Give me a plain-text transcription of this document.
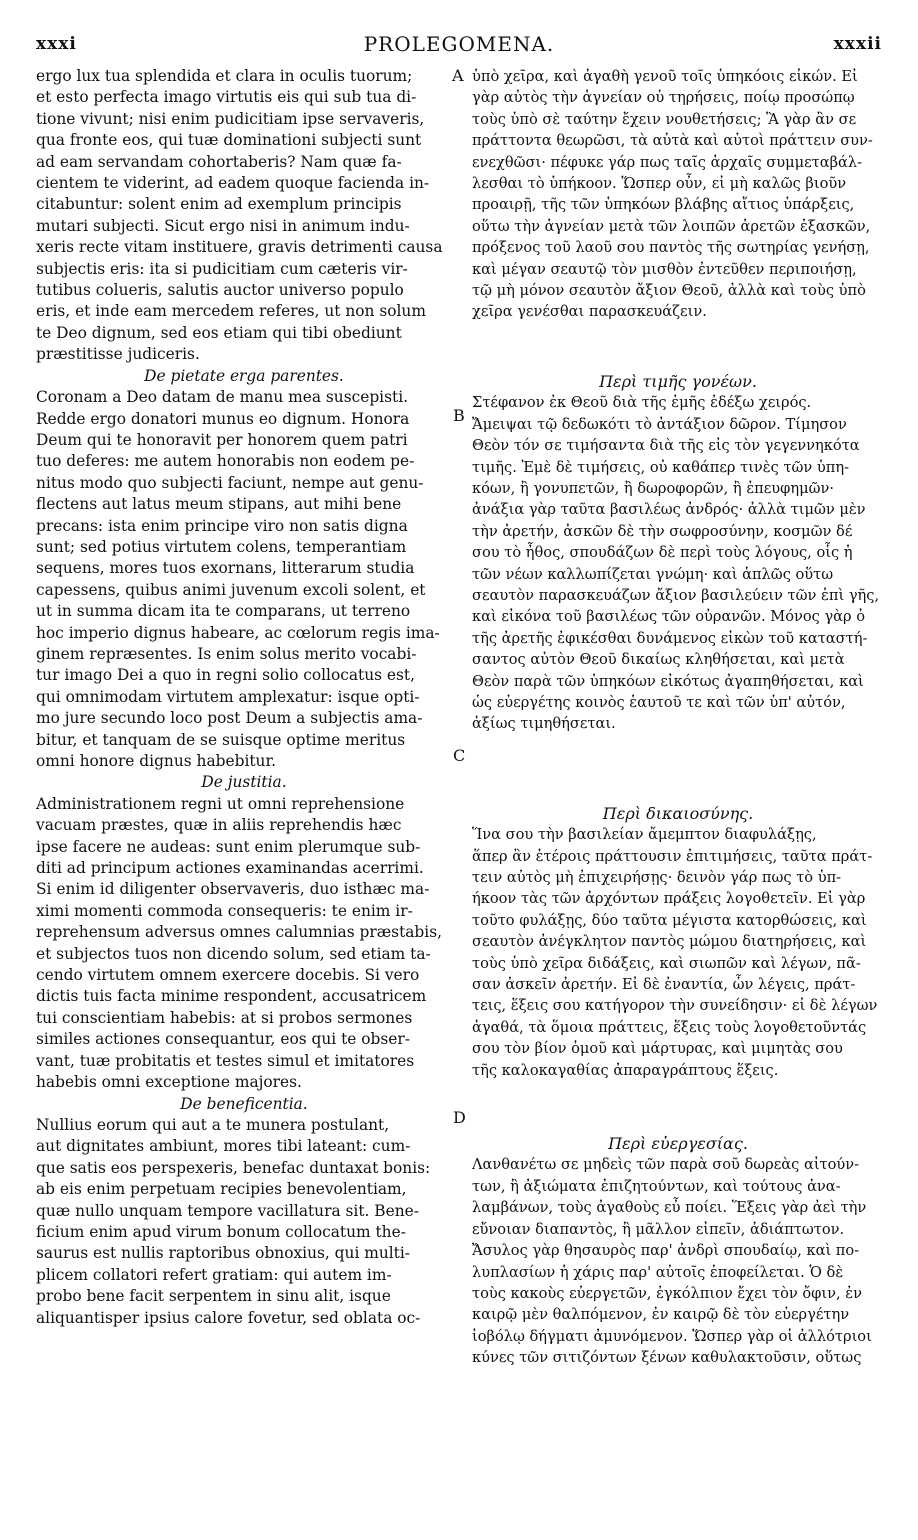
xxxi	PROLEGOMENA.	xxxii
A
B
C
D
ergo lux tua splendida et clara in oculis tuorum;
et esto perfecta imago virtutis eis qui sub tua di-
tione vivunt; nisi enim pudicitiam ipse servaveris,
qua fronte eos, qui tuæ dominationi subjecti sunt
ad eam servandam cohortaberis? Nam quæ fa-
cientem te viderint, ad eadem quoque facienda in-
citabuntur: solent enim ad exemplum principis
mutari subjecti. Sicut ergo nisi in animum indu-
xeris recte vitam instituere, gravis detrimenti causa
subjectis eris: ita si pudicitiam cum cæteris vir-
tutibus colueris, salutis auctor universo populo
eris, et inde eam mercedem referes, ut non solum
te Deo dignum, sed eos etiam qui tibi obediunt
præstitisse judiceris.
De pietate erga parentes.
Coronam a Deo datam de manu mea suscepisti.
Redde ergo donatori munus eo dignum. Honora
Deum qui te honoravit per honorem quem patri
tuo deferes: me autem honorabis non eodem pe-
nitus modo quo subjecti faciunt, nempe aut genu-
flectens aut latus meum stipans, aut mihi bene
precans: ista enim principe viro non satis digna
sunt; sed potius virtutem colens, temperantiam
sequens, mores tuos exornans, litterarum studia
capessens, quibus animi juvenum excoli solent, et
ut in summa dicam ita te comparans, ut terreno
hoc imperio dignus habeare, ac cœlorum regis ima-
ginem repræsentes. Is enim solus merito vocabi-
tur imago Dei a quo in regni solio collocatus est,
qui omnimodam virtutem amplexatur: isque opti-
mo jure secundo loco post Deum a subjectis ama-
bitur, et tanquam de se suisque optime meritus
omni honore dignus habebitur.
De justitia.
Administrationem regni ut omni reprehensione
vacuam præstes, quæ in aliis reprehendis hæc
ipse facere ne audeas: sunt enim plerumque sub-
diti ad principum actiones examinandas acerrimi.
Si enim id diligenter observaveris, duo isthæc ma-
ximi momenti commoda consequeris: te enim ir-
reprehensum adversus omnes calumnias præstabis,
et subjectos tuos non dicendo solum, sed etiam ta-
cendo virtutem omnem exercere docebis. Si vero
dictis tuis facta minime respondent, accusatricem
tui conscientiam habebis: at si probos sermones
similes actiones consequantur, eos qui te obser-
vant, tuæ probitatis et testes simul et imitatores
habebis omni exceptione majores.
De beneficentia.
Nullius eorum qui aut a te munera postulant,
aut dignitates ambiunt, mores tibi lateant: cum-
que satis eos perspexeris, benefac duntaxat bonis:
ab eis enim perpetuam recipies benevolentiam,
quæ nullo unquam tempore vacillatura sit. Bene-
ficium enim apud virum bonum collocatum the-
saurus est nullis raptoribus obnoxius, qui multi-
plicem collatori refert gratiam: qui autem im-
probo bene facit serpentem in sinu alit, isque
aliquantisper ipsius calore fovetur, sed oblata oc-
ὑπὸ χεῖρα, καὶ ἀγαθὴ γενοῦ τοῖς ὑπηκόοις εἰκών. Εἰ
γὰρ αὐτὸς τὴν ἁγνείαν οὐ τηρήσεις, ποίῳ προσώπῳ
τοὺς ὑπὸ σὲ ταύτην ἔχειν νουθετήσεις; Ἃ γὰρ ἂν σε
πράττοντα θεωρῶσι, τὰ αὐτὰ καὶ αὐτοὶ πράττειν συν-
ενεχθῶσι· πέφυκε γάρ πως ταῖς ἀρχαῖς συμμεταβάλ-
λεσθαι τὸ ὑπήκοον. Ὥσπερ οὖν, εἰ μὴ καλῶς βιοῦν
προαιρῇ, τῆς τῶν ὑπηκόων βλάβης αἴτιος ὑπάρξεις,
οὕτω τὴν ἁγνείαν μετὰ τῶν λοιπῶν ἀρετῶν ἐξασκῶν,
πρόξενος τοῦ λαοῦ σου παντὸς τῆς σωτηρίας γενήσῃ,
καὶ μέγαν σεαυτῷ τὸν μισθὸν ἐντεῦθεν περιποιήσῃ,
τῷ μὴ μόνον σεαυτὸν ἄξιον Θεοῦ, ἀλλὰ καὶ τοὺς ὑπὸ
χεῖρα γενέσθαι παρασκευάζειν.
Περὶ τιμῆς γονέων.
Στέφανον ἐκ Θεοῦ διὰ τῆς ἐμῆς ἐδέξω χειρός.
Ἄμειψαι τῷ δεδωκότι τὸ ἀντάξιον δῶρον. Τίμησον
Θεὸν τόν σε τιμήσαντα διὰ τῆς εἰς τὸν γεγεννηκότα
τιμῆς. Ἐμὲ δὲ τιμήσεις, οὐ καθάπερ τινὲς τῶν ὑπη-
κόων, ἢ γονυπετῶν, ἢ δωροφορῶν, ἢ ἐπευφημῶν·
ἀνάξια γὰρ ταῦτα βασιλέως ἀνδρός· ἀλλὰ τιμῶν μὲν
τὴν ἀρετήν, ἀσκῶν δὲ τὴν σωφροσύνην, κοσμῶν δέ
σου τὸ ἦθος, σπουδάζων δὲ περὶ τοὺς λόγους, οἷς ἡ
τῶν νέων καλλωπίζεται γνώμη· καὶ ἁπλῶς οὕτω
σεαυτὸν παρασκευάζων ἄξιον βασιλεύειν τῶν ἐπὶ γῆς,
καὶ εἰκόνα τοῦ βασιλέως τῶν οὐρανῶν. Μόνος γὰρ ὁ
τῆς ἀρετῆς ἐφικέσθαι δυνάμενος εἰκὼν τοῦ καταστή-
σαντος αὐτὸν Θεοῦ δικαίως κληθήσεται, καὶ μετὰ
Θεὸν παρὰ τῶν ὑπηκόων εἰκότως ἀγαπηθήσεται, καὶ
ὡς εὐεργέτης κοινὸς ἑαυτοῦ τε καὶ τῶν ὑπ' αὐτόν,
ἀξίως τιμηθήσεται.
Περὶ δικαιοσύνης.
Ἵνα σου τὴν βασιλείαν ἄμεμπτον διαφυλάξῃς,
ἅπερ ἂν ἑτέροις πράττουσιν ἐπιτιμήσεις, ταῦτα πράτ-
τειν αὐτὸς μὴ ἐπιχειρήσῃς· δεινὸν γάρ πως τὸ ὑπ-
ήκοον τὰς τῶν ἀρχόντων πράξεις λογοθετεῖν. Εἰ γὰρ
τοῦτο φυλάξῃς, δύο ταῦτα μέγιστα κατορθώσεις, καὶ
σεαυτὸν ἀνέγκλητον παντὸς μώμου διατηρήσεις, καὶ
τοὺς ὑπὸ χεῖρα διδάξεις, καὶ σιωπῶν καὶ λέγων, πᾶ-
σαν ἀσκεῖν ἀρετήν. Εἰ δὲ ἐναντία, ὧν λέγεις, πράτ-
τεις, ἕξεις σου κατήγορον τὴν συνείδησιν· εἰ δὲ λέγων
ἀγαθά, τὰ ὅμοια πράττεις, ἕξεις τοὺς λογοθετοῦντάς
σου τὸν βίον ὁμοῦ καὶ μάρτυρας, καὶ μιμητὰς σου
τῆς καλοκαγαθίας ἀπαραγράπτους ἕξεις.
Περὶ εὐεργεσίας.
Λανθανέτω σε μηδεὶς τῶν παρὰ σοῦ δωρεὰς αἰτούν-
των, ἢ ἀξιώματα ἐπιζητούντων, καὶ τούτους ἀνα-
λαμβάνων, τοὺς ἀγαθοὺς εὖ ποίει. Ἕξεις γὰρ ἀεὶ τὴν
εὔνοιαν διαπαντὸς, ἢ μᾶλλον εἰπεῖν, ἀδιάπτωτον.
Ἄσυλος γὰρ θησαυρὸς παρ' ἀνδρὶ σπουδαίῳ, καὶ πο-
λυπλασίων ἡ χάρις παρ' αὐτοῖς ἐποφείλεται. Ὁ δὲ
τοὺς κακοὺς εὐεργετῶν, ἐγκόλπιον ἔχει τὸν ὄφιν, ἐν
καιρῷ μὲν θαλπόμενον, ἐν καιρῷ δὲ τὸν εὐεργέτην
ἰοβόλῳ δήγματι ἀμυνόμενον. Ὥσπερ γὰρ οἱ ἀλλότριοι
κύνες τῶν σιτιζόντων ξένων καθυλακτοῦσιν, οὕτως
